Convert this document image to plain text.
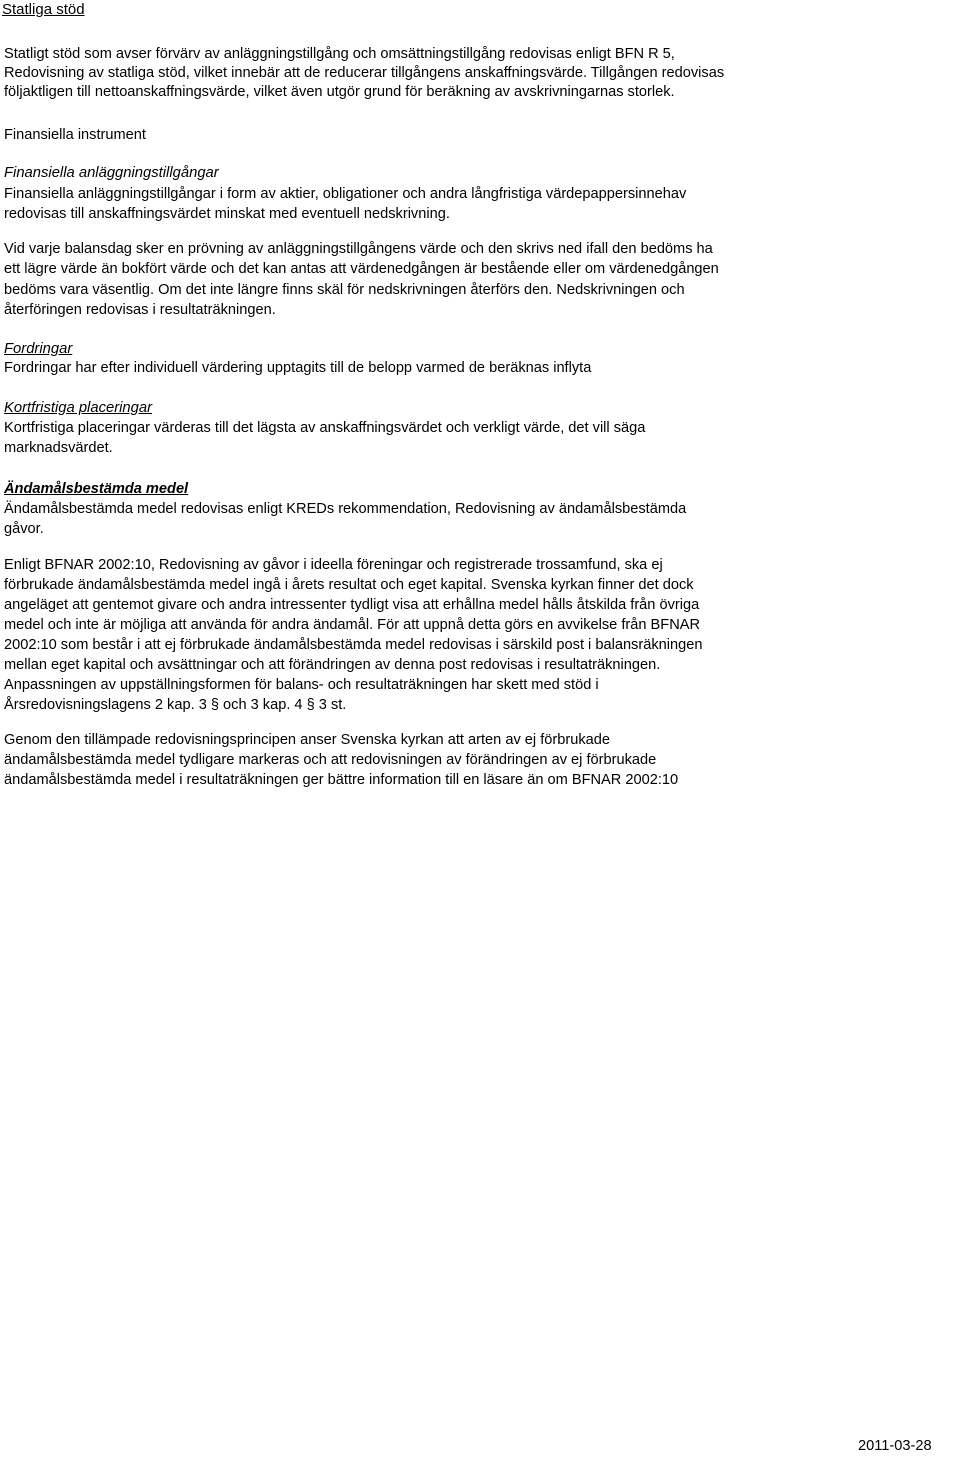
Statliga stöd
Statligt stöd som avser förvärv av anläggningstillgång och omsättningstillgång redovisas enligt BFN R 5,
Redovisning av statliga stöd, vilket innebär att de reducerar tillgångens anskaffningsvärde. Tillgången redovisas
följaktligen till nettoanskaffningsvärde, vilket även utgör grund för beräkning av avskrivningarnas storlek.
Finansiella instrument
Finansiella anläggningstillgångar
Finansiella anläggningstillgångar i form av aktier, obligationer och andra långfristiga värdepappersinnehav
redovisas till anskaffningsvärdet minskat med eventuell nedskrivning.
Vid varje balansdag sker en prövning av anläggningstillgångens värde och den skrivs ned ifall den bedöms ha
ett lägre värde än bokfört värde och det kan antas att värdenedgången är bestående eller om värdenedgången
bedöms vara väsentlig. Om det inte längre finns skäl för nedskrivningen återförs den. Nedskrivningen och
återföringen redovisas i resultaträkningen.
Fordringar
Fordringar har efter individuell värdering upptagits till de belopp varmed de beräknas inflyta
Kortfristiga placeringar
Kortfristiga placeringar värderas till det lägsta av anskaffningsvärdet och verkligt värde, det vill säga
marknadsvärdet.
Ändamålsbestämda medel
Ändamålsbestämda medel redovisas enligt KREDs rekommendation, Redovisning av ändamålsbestämda
gåvor.
Enligt BFNAR 2002:10, Redovisning av gåvor i ideella föreningar och registrerade trossamfund, ska ej
förbrukade ändamålsbestämda medel ingå i årets resultat och eget kapital. Svenska kyrkan finner det dock
angeläget att gentemot givare och andra intressenter tydligt visa att erhållna medel hålls åtskilda från övriga
medel och inte är möjliga att använda för andra ändamål. För att uppnå detta görs en avvikelse från BFNAR
2002:10 som består i att ej förbrukade ändamålsbestämda medel redovisas i särskild post i balansräkningen
mellan eget kapital och avsättningar och att förändringen av denna post redovisas i resultaträkningen.
Anpassningen av uppställningsformen för balans- och resultaträkningen har skett med stöd i
Årsredovisningslagens 2 kap. 3 § och 3 kap. 4 § 3 st.
Genom den tillämpade redovisningsprincipen anser Svenska kyrkan att arten av ej förbrukade
ändamålsbestämda medel tydligare markeras och att redovisningen av förändringen av ej förbrukade
ändamålsbestämda medel i resultaträkningen ger bättre information till en läsare än om BFNAR 2002:10
2011-03-28
